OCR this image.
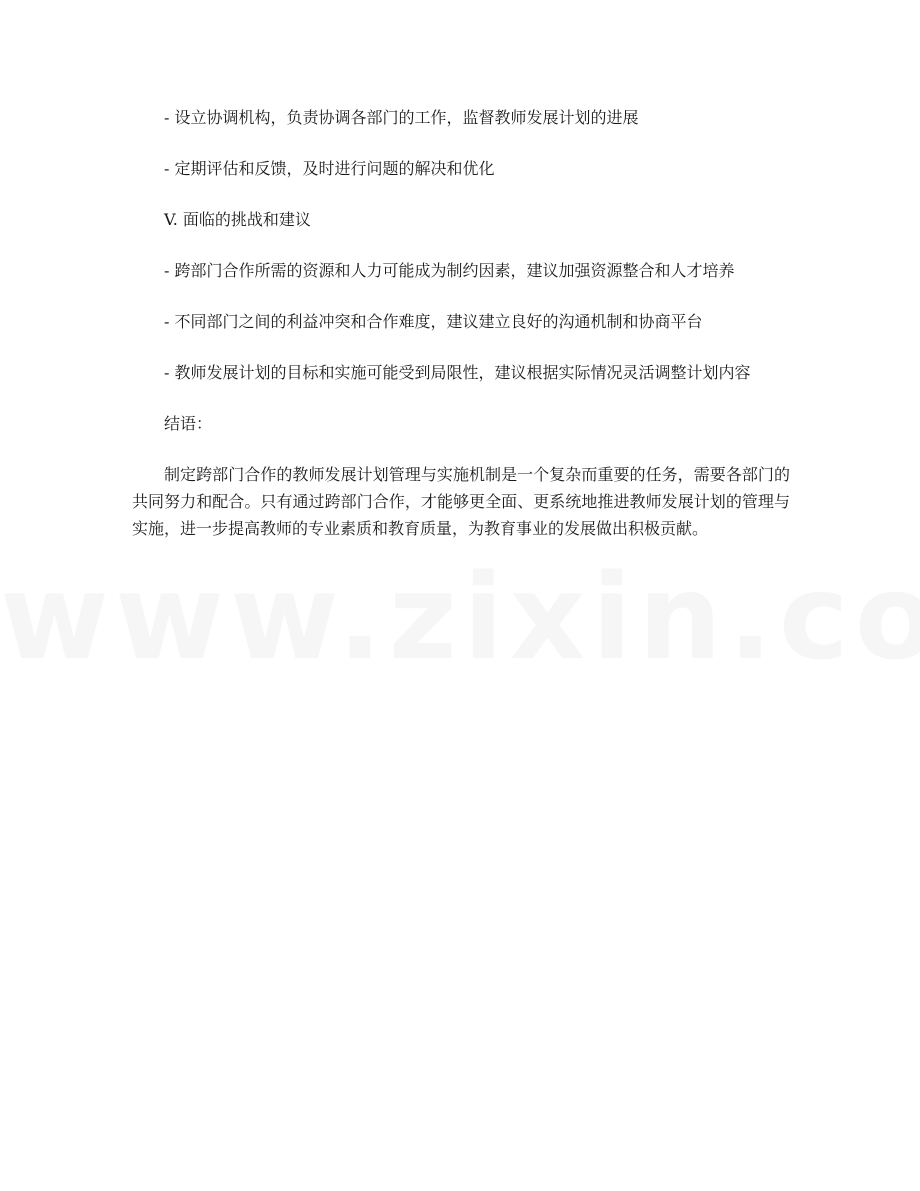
- 设立协调机构，负责协调各部门的工作，监督教师发展计划的进展

- 定期评估和反馈，及时进行问题的解决和优化

V. 面临的挑战和建议

- 跨部门合作所需的资源和人力可能成为制约因素，建议加强资源整合和人才培养

- 不同部门之间的利益冲突和合作难度，建议建立良好的沟通机制和协商平台

- 教师发展计划的目标和实施可能受到局限性，建议根据实际情况灵活调整计划内容

结语：

制定跨部门合作的教师发展计划管理与实施机制是一个复杂而重要的任务，需要各部门的共同努力和配合。只有通过跨部门合作，才能够更全面、更系统地推进教师发展计划的管理与实施，进一步提高教师的专业素质和教育质量，为教育事业的发展做出积极贡献。
